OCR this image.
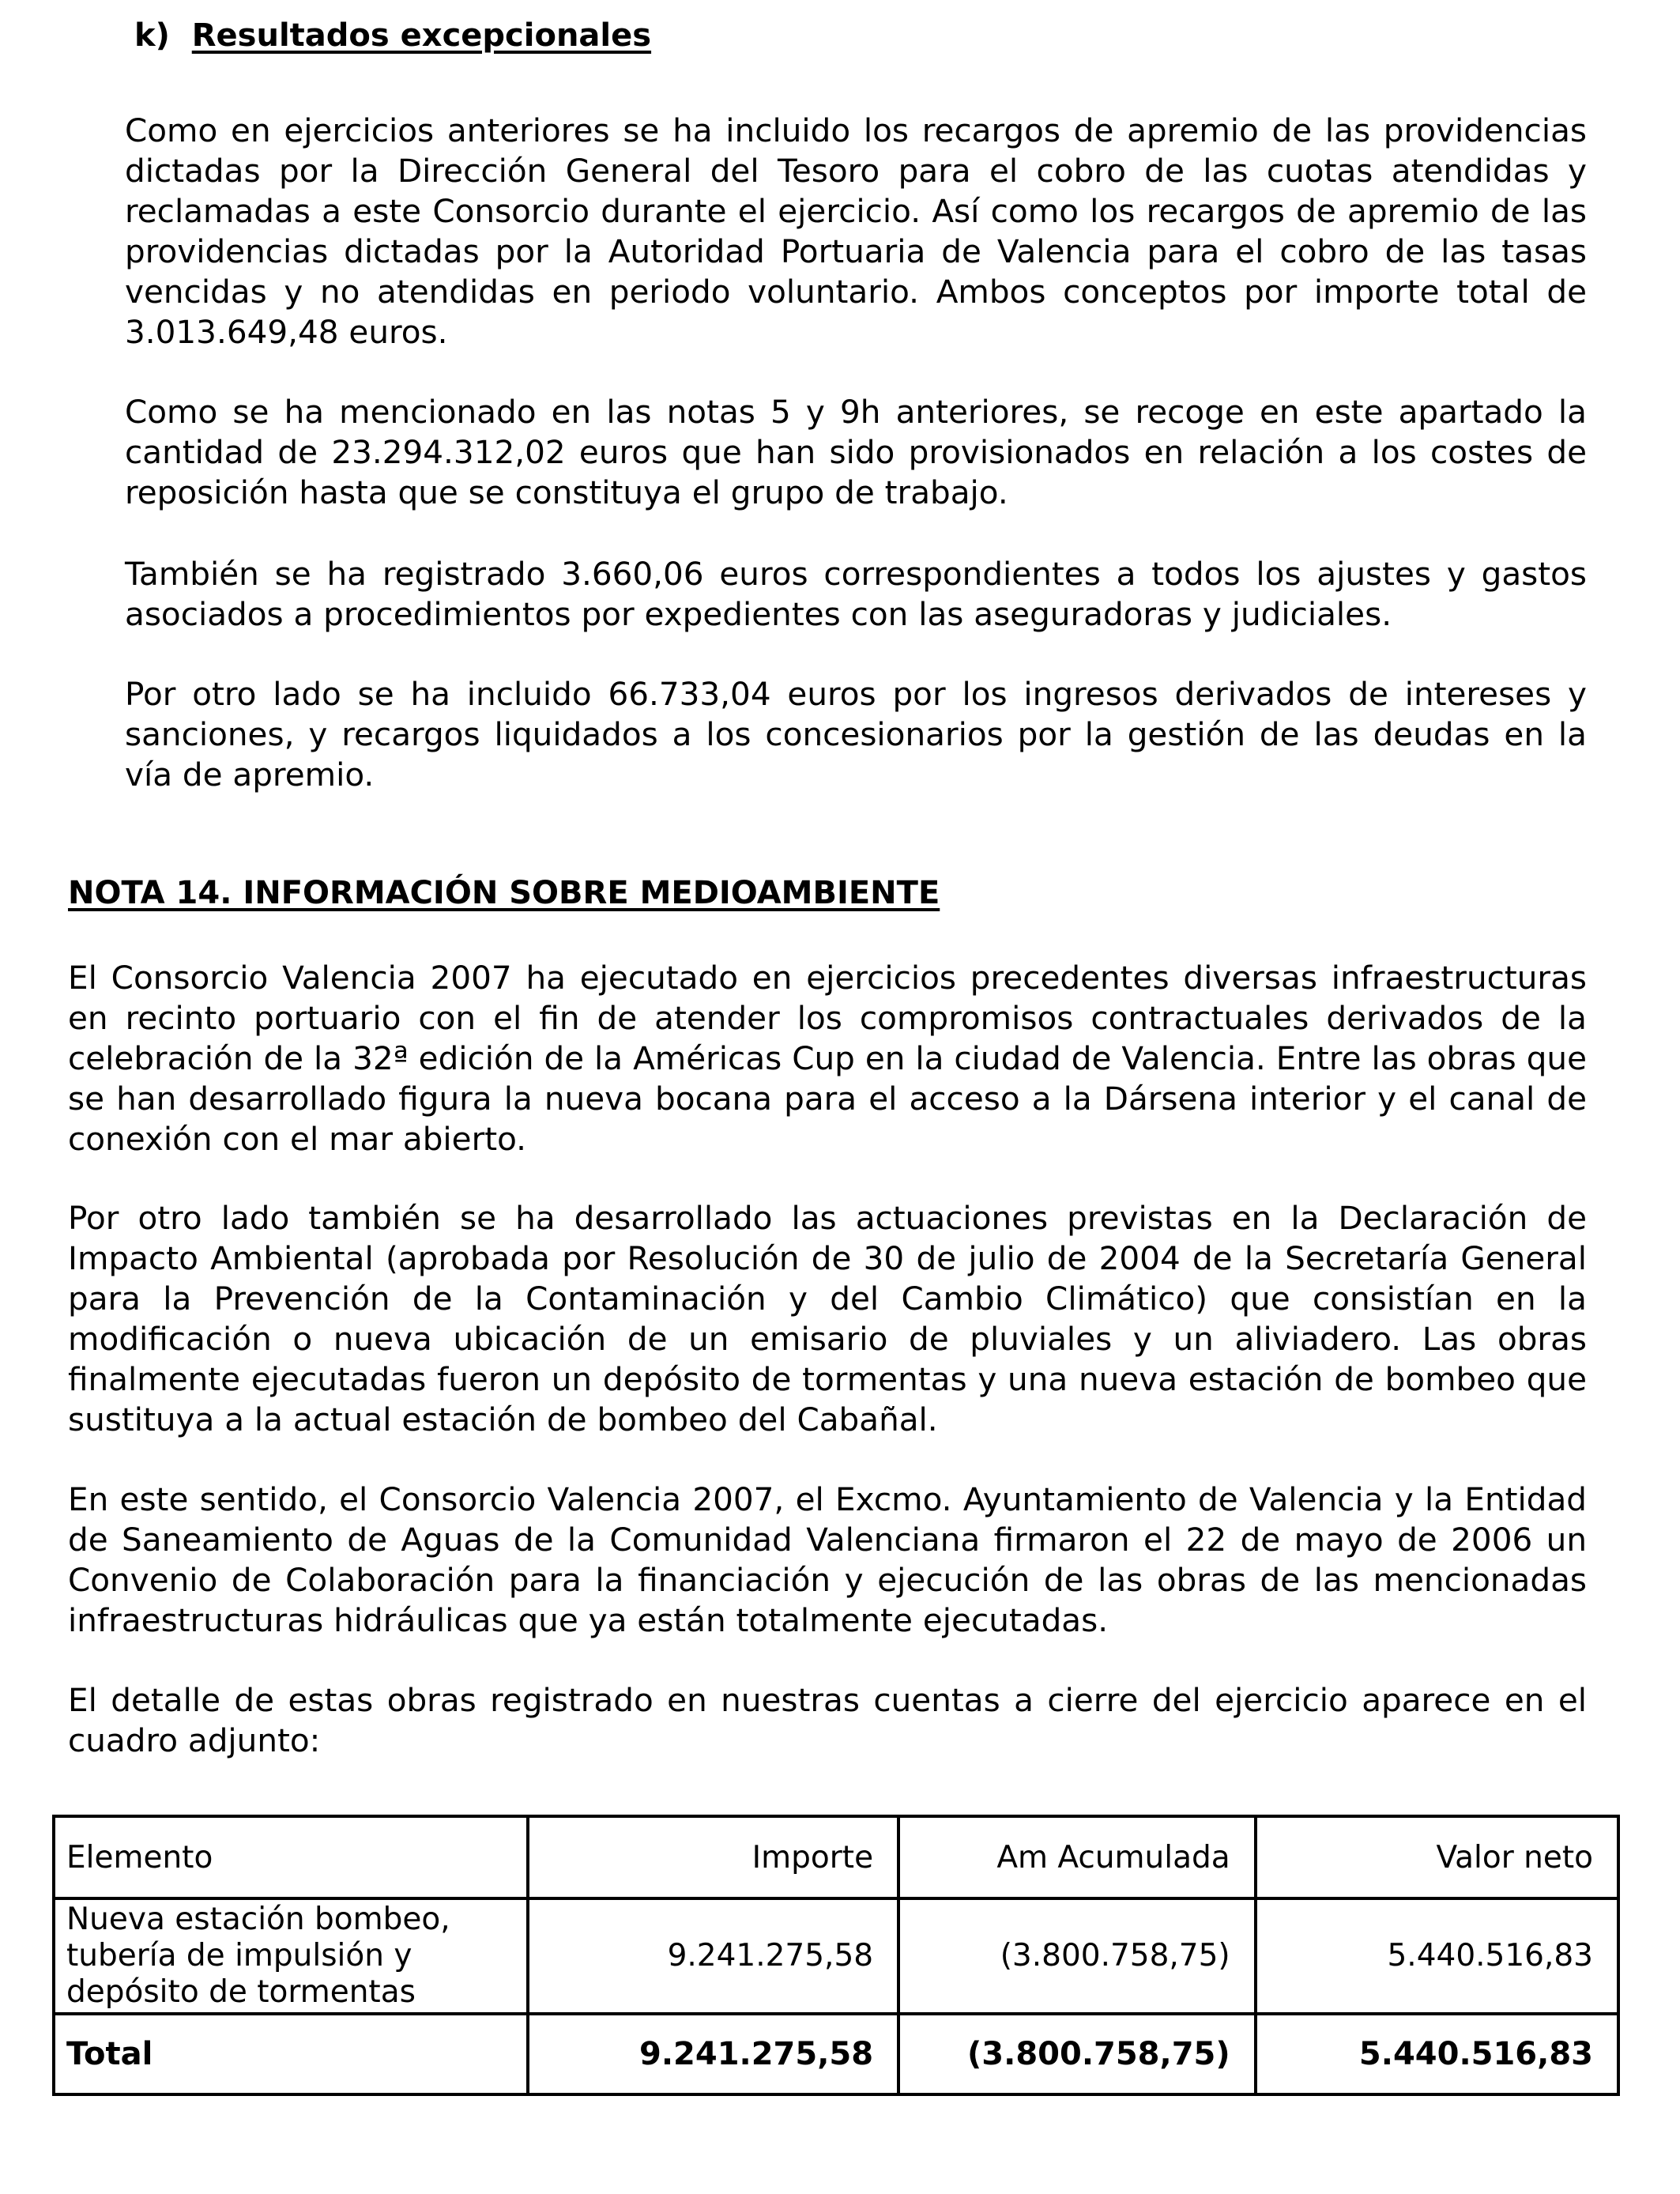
k) Resultados excepcionales

Como en ejercicios anteriores se ha incluido los recargos de apremio de las providencias dictadas por la Dirección General del Tesoro para el cobro de las cuotas atendidas y reclamadas a este Consorcio durante el ejercicio. Así como los recargos de apremio de las providencias dictadas por la Autoridad Portuaria de Valencia para el cobro de las tasas vencidas y no atendidas en periodo voluntario. Ambos conceptos por importe total de 3.013.649,48 euros.

Como se ha mencionado en las notas 5 y 9h anteriores, se recoge en este apartado la cantidad de 23.294.312,02 euros que han sido provisionados en relación a los costes de reposición hasta que se constituya el grupo de trabajo.

También se ha registrado 3.660,06 euros correspondientes a todos los ajustes y gastos asociados a procedimientos por expedientes con las aseguradoras y judiciales.

Por otro lado se ha incluido 66.733,04 euros por los ingresos derivados de intereses y sanciones, y recargos liquidados a los concesionarios por la gestión de las deudas en la vía de apremio.

NOTA 14. INFORMACIÓN SOBRE MEDIOAMBIENTE

El Consorcio Valencia 2007 ha ejecutado en ejercicios precedentes diversas infraestructuras en recinto portuario con el fin de atender los compromisos contractuales derivados de la celebración de la 32ª edición de la Américas Cup en la ciudad de Valencia. Entre las obras que se han desarrollado figura la nueva bocana para el acceso a la Dársena interior y el canal de conexión con el mar abierto.

Por otro lado también se ha desarrollado las actuaciones previstas en la Declaración de Impacto Ambiental (aprobada por Resolución de 30 de julio de 2004 de la Secretaría General para la Prevención de la Contaminación y del Cambio Climático) que consistían en la modificación o nueva ubicación de un emisario de pluviales y un aliviadero. Las obras finalmente ejecutadas fueron un depósito de tormentas y una nueva estación de bombeo que sustituya a la actual estación de bombeo del Cabañal.

En este sentido, el Consorcio Valencia 2007, el Excmo. Ayuntamiento de Valencia y la Entidad de Saneamiento de Aguas de la Comunidad Valenciana firmaron el 22 de mayo de 2006 un Convenio de Colaboración para la financiación y ejecución de las obras de las mencionadas infraestructuras hidráulicas que ya están totalmente ejecutadas.

El detalle de estas obras registrado en nuestras cuentas a cierre del ejercicio aparece en el cuadro adjunto:

Elemento	Importe	Am Acumulada	Valor neto

Nueva estación bombeo,
tubería de impulsión y
depósito de tormentas	9.241.275,58	(3.800.758,75)	5.440.516,83
Total	9.241.275,58	(3.800.758,75)	5.440.516,83
